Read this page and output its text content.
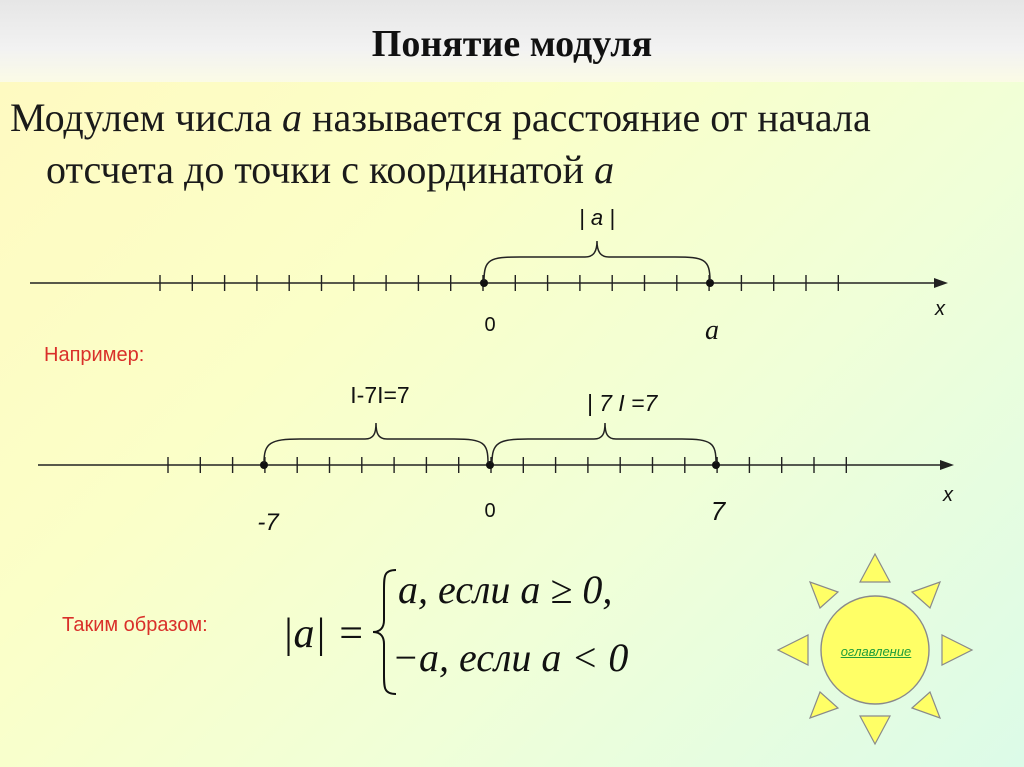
Понятие модуля
Модулем числа a называется расстояние от начала
отсчета до точки с координатой a
| a |
0	a
x
Например:
I-7I=7	| 7 I =7
-7	0	7
x
Таким образом: |a| =
a, если a ≥ 0,
−a, если a < 0	оглавление
